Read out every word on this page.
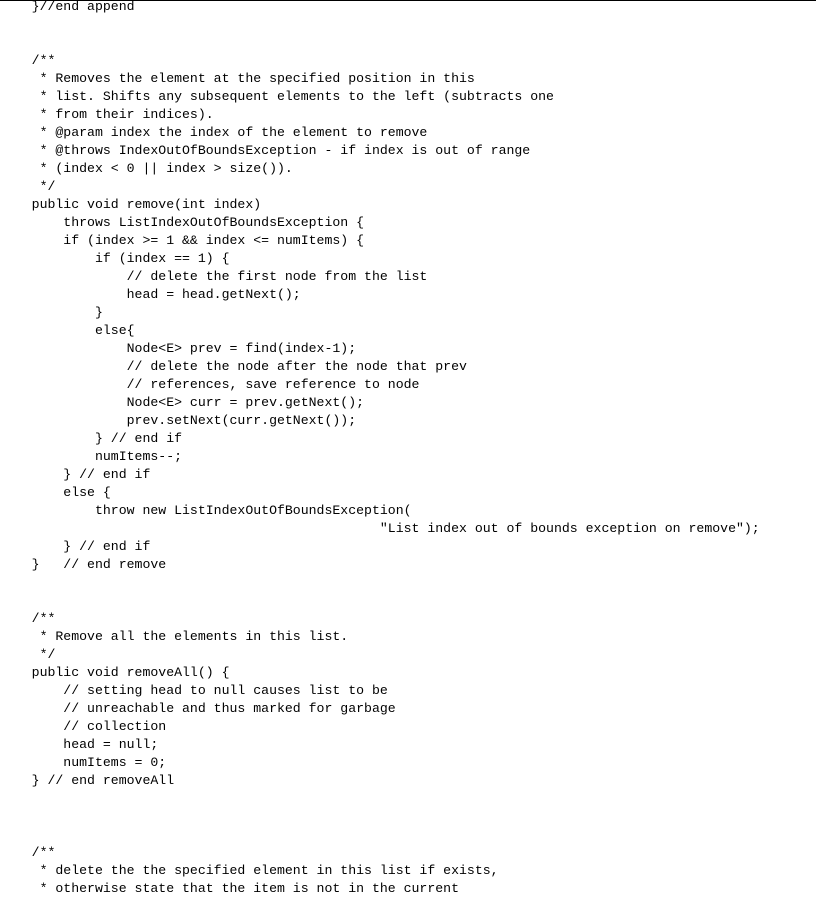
}//end append
/**
* Removes the element at the specified position in this
* list. Shifts any subsequent elements to the left (subtracts one
* from their indices).
* @param index the index of the element to remove
* @throws IndexOutOfBoundsException - if index is out of range
* (index < 0 || index > size()).
*/
public void remove(int index)
throws ListIndexOutOfBoundsException {
if (index >= 1 && index <= numItems) {
if (index == 1) {
// delete the first node from the list
head = head.getNext();
}
else{
Node<E> prev = find(index-1);
// delete the node after the node that prev
// references, save reference to node
Node<E> curr = prev.getNext();
prev.setNext(curr.getNext());
} // end if
numItems--;
} // end if
else {
throw new ListIndexOutOfBoundsException(
"List index out of bounds exception on remove");
} // end if
}   // end remove
/**
* Remove all the elements in this list.
*/
public void removeAll() {
// setting head to null causes list to be
// unreachable and thus marked for garbage
// collection
head = null;
numItems = 0;
} // end removeAll
/**
* delete the the specified element in this list if exists,
* otherwise state that the item is not in the current
